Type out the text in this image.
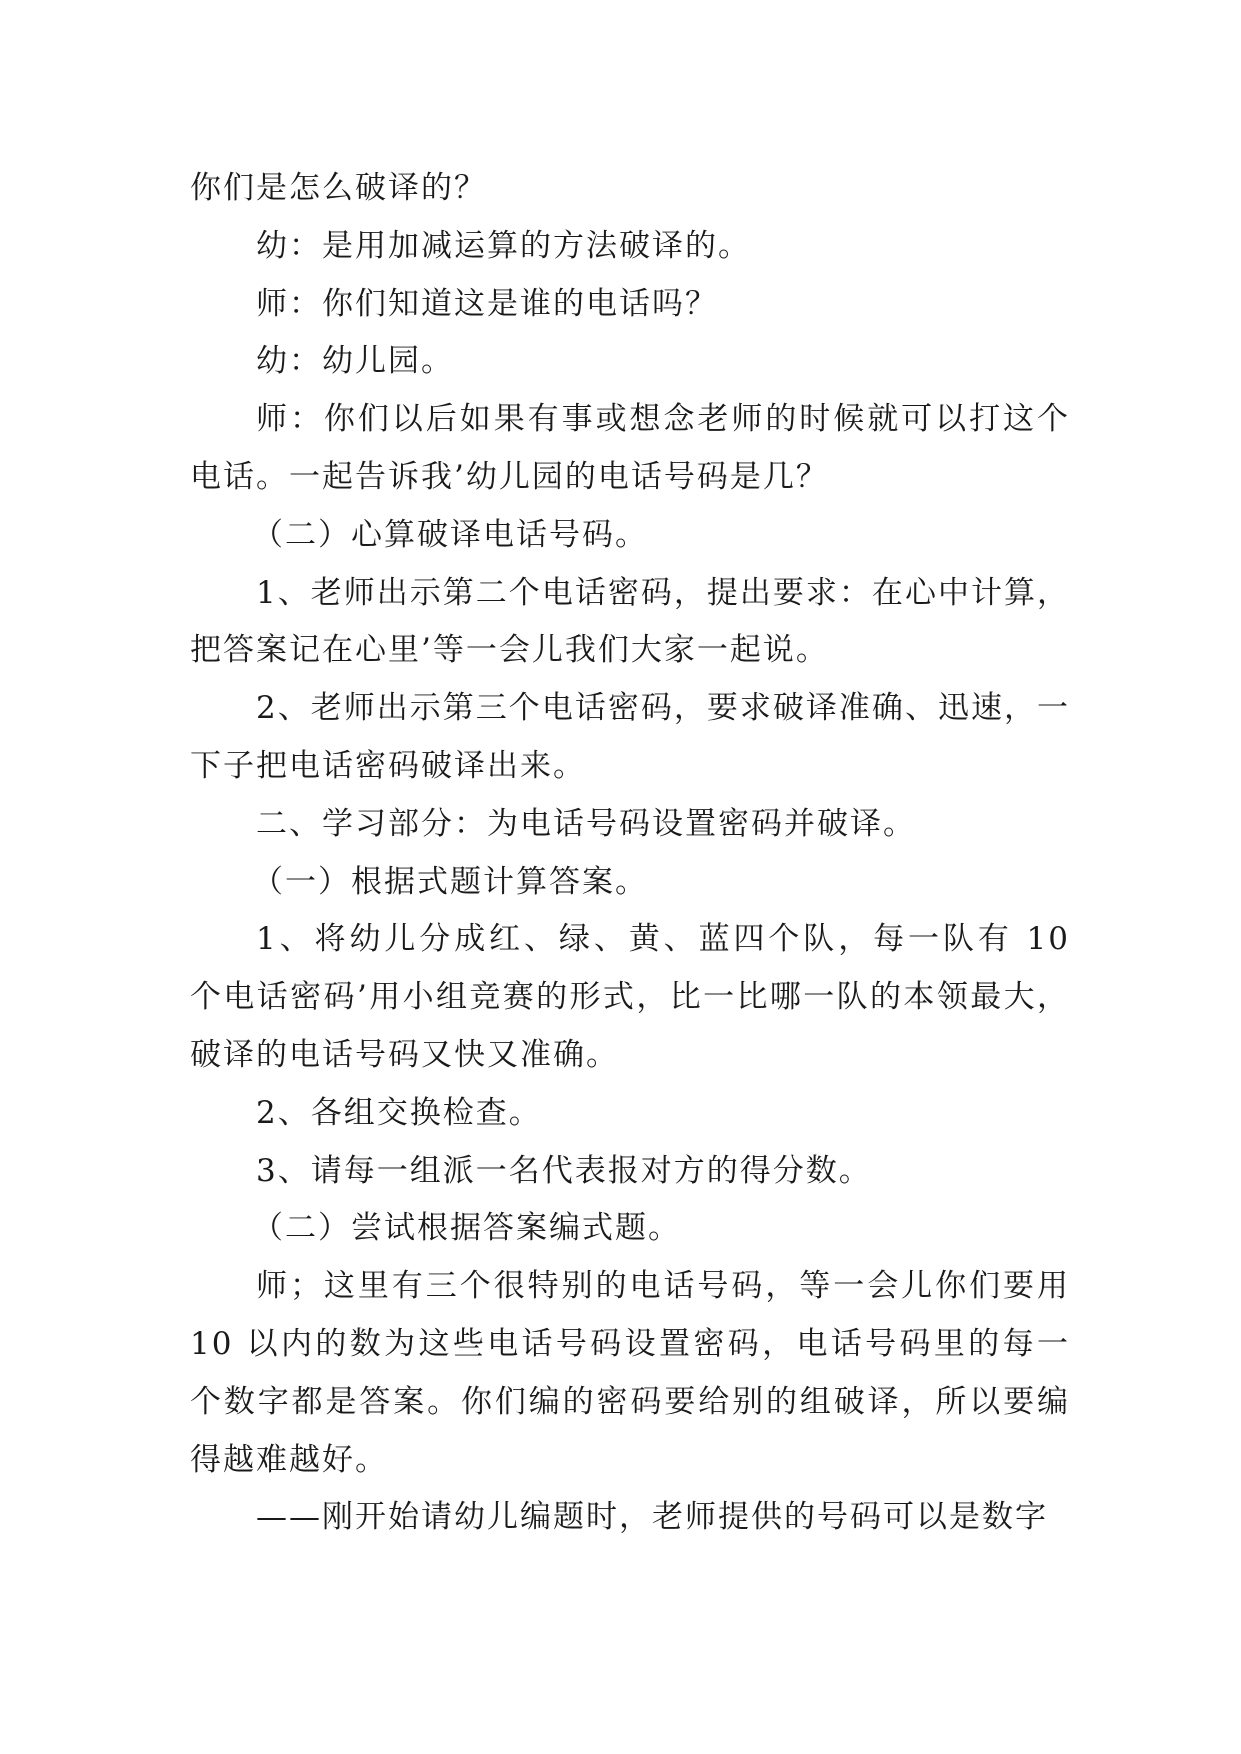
你们是怎么破译的？

幼：是用加减运算的方法破译的。

师：你们知道这是谁的电话吗？

幼：幼儿园。

师：你们以后如果有事或想念老师的时候就可以打这个电话。一起告诉我’幼儿园的电话号码是几？

（二）心算破译电话号码。

1、老师出示第二个电话密码，提出要求：在心中计算，把答案记在心里’等一会儿我们大家一起说。

2、老师出示第三个电话密码，要求破译准确、迅速，一下子把电话密码破译出来。

二、学习部分：为电话号码设置密码并破译。

（一）根据式题计算答案。

1、将幼儿分成红、绿、黄、蓝四个队，每一队有 10 个电话密码’用小组竞赛的形式，比一比哪一队的本领最大，破译的电话号码又快又准确。

2、各组交换检查。

3、请每一组派一名代表报对方的得分数。

（二）尝试根据答案编式题。

师；这里有三个很特别的电话号码，等一会儿你们要用 10 以内的数为这些电话号码设置密码，电话号码里的每一个数字都是答案。你们编的密码要给别的组破译，所以要编得越难越好。

——刚开始请幼儿编题时，老师提供的号码可以是数字
